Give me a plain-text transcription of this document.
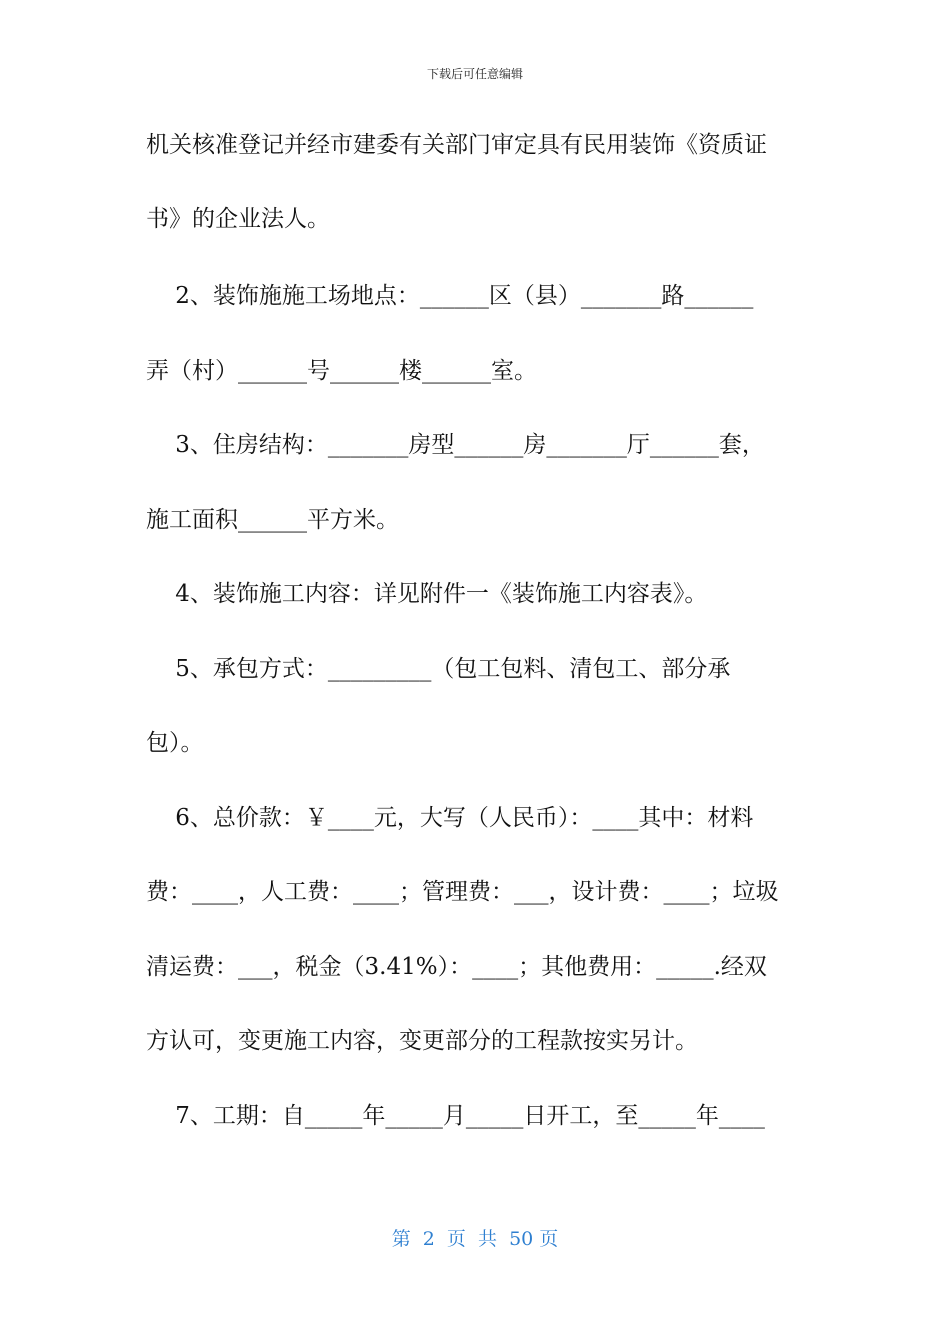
下载后可任意编辑
机关核准登记并经市建委有关部门审定具有民用装饰《资质证
书》的企业法人。
2、装饰施施工场地点：______区（县）_______路______
弄（村）______号______楼______室。
3、住房结构：_______房型______房_______厅______套，
施工面积______平方米。
4、装饰施工内容：详见附件一《装饰施工内容表》。
5、承包方式：_________（包工包料、清包工、部分承
包）。
6、总价款：￥____元，大写（人民币）：____其中：材料
费：____，人工费：____；管理费：___，设计费：____；垃圾
清运费：___，税金（3.41%）：____；其他费用：_____.经双
方认可，变更施工内容，变更部分的工程款按实另计。
7、工期：自_____年_____月_____日开工，至_____年____
第  2  页  共  50 页
